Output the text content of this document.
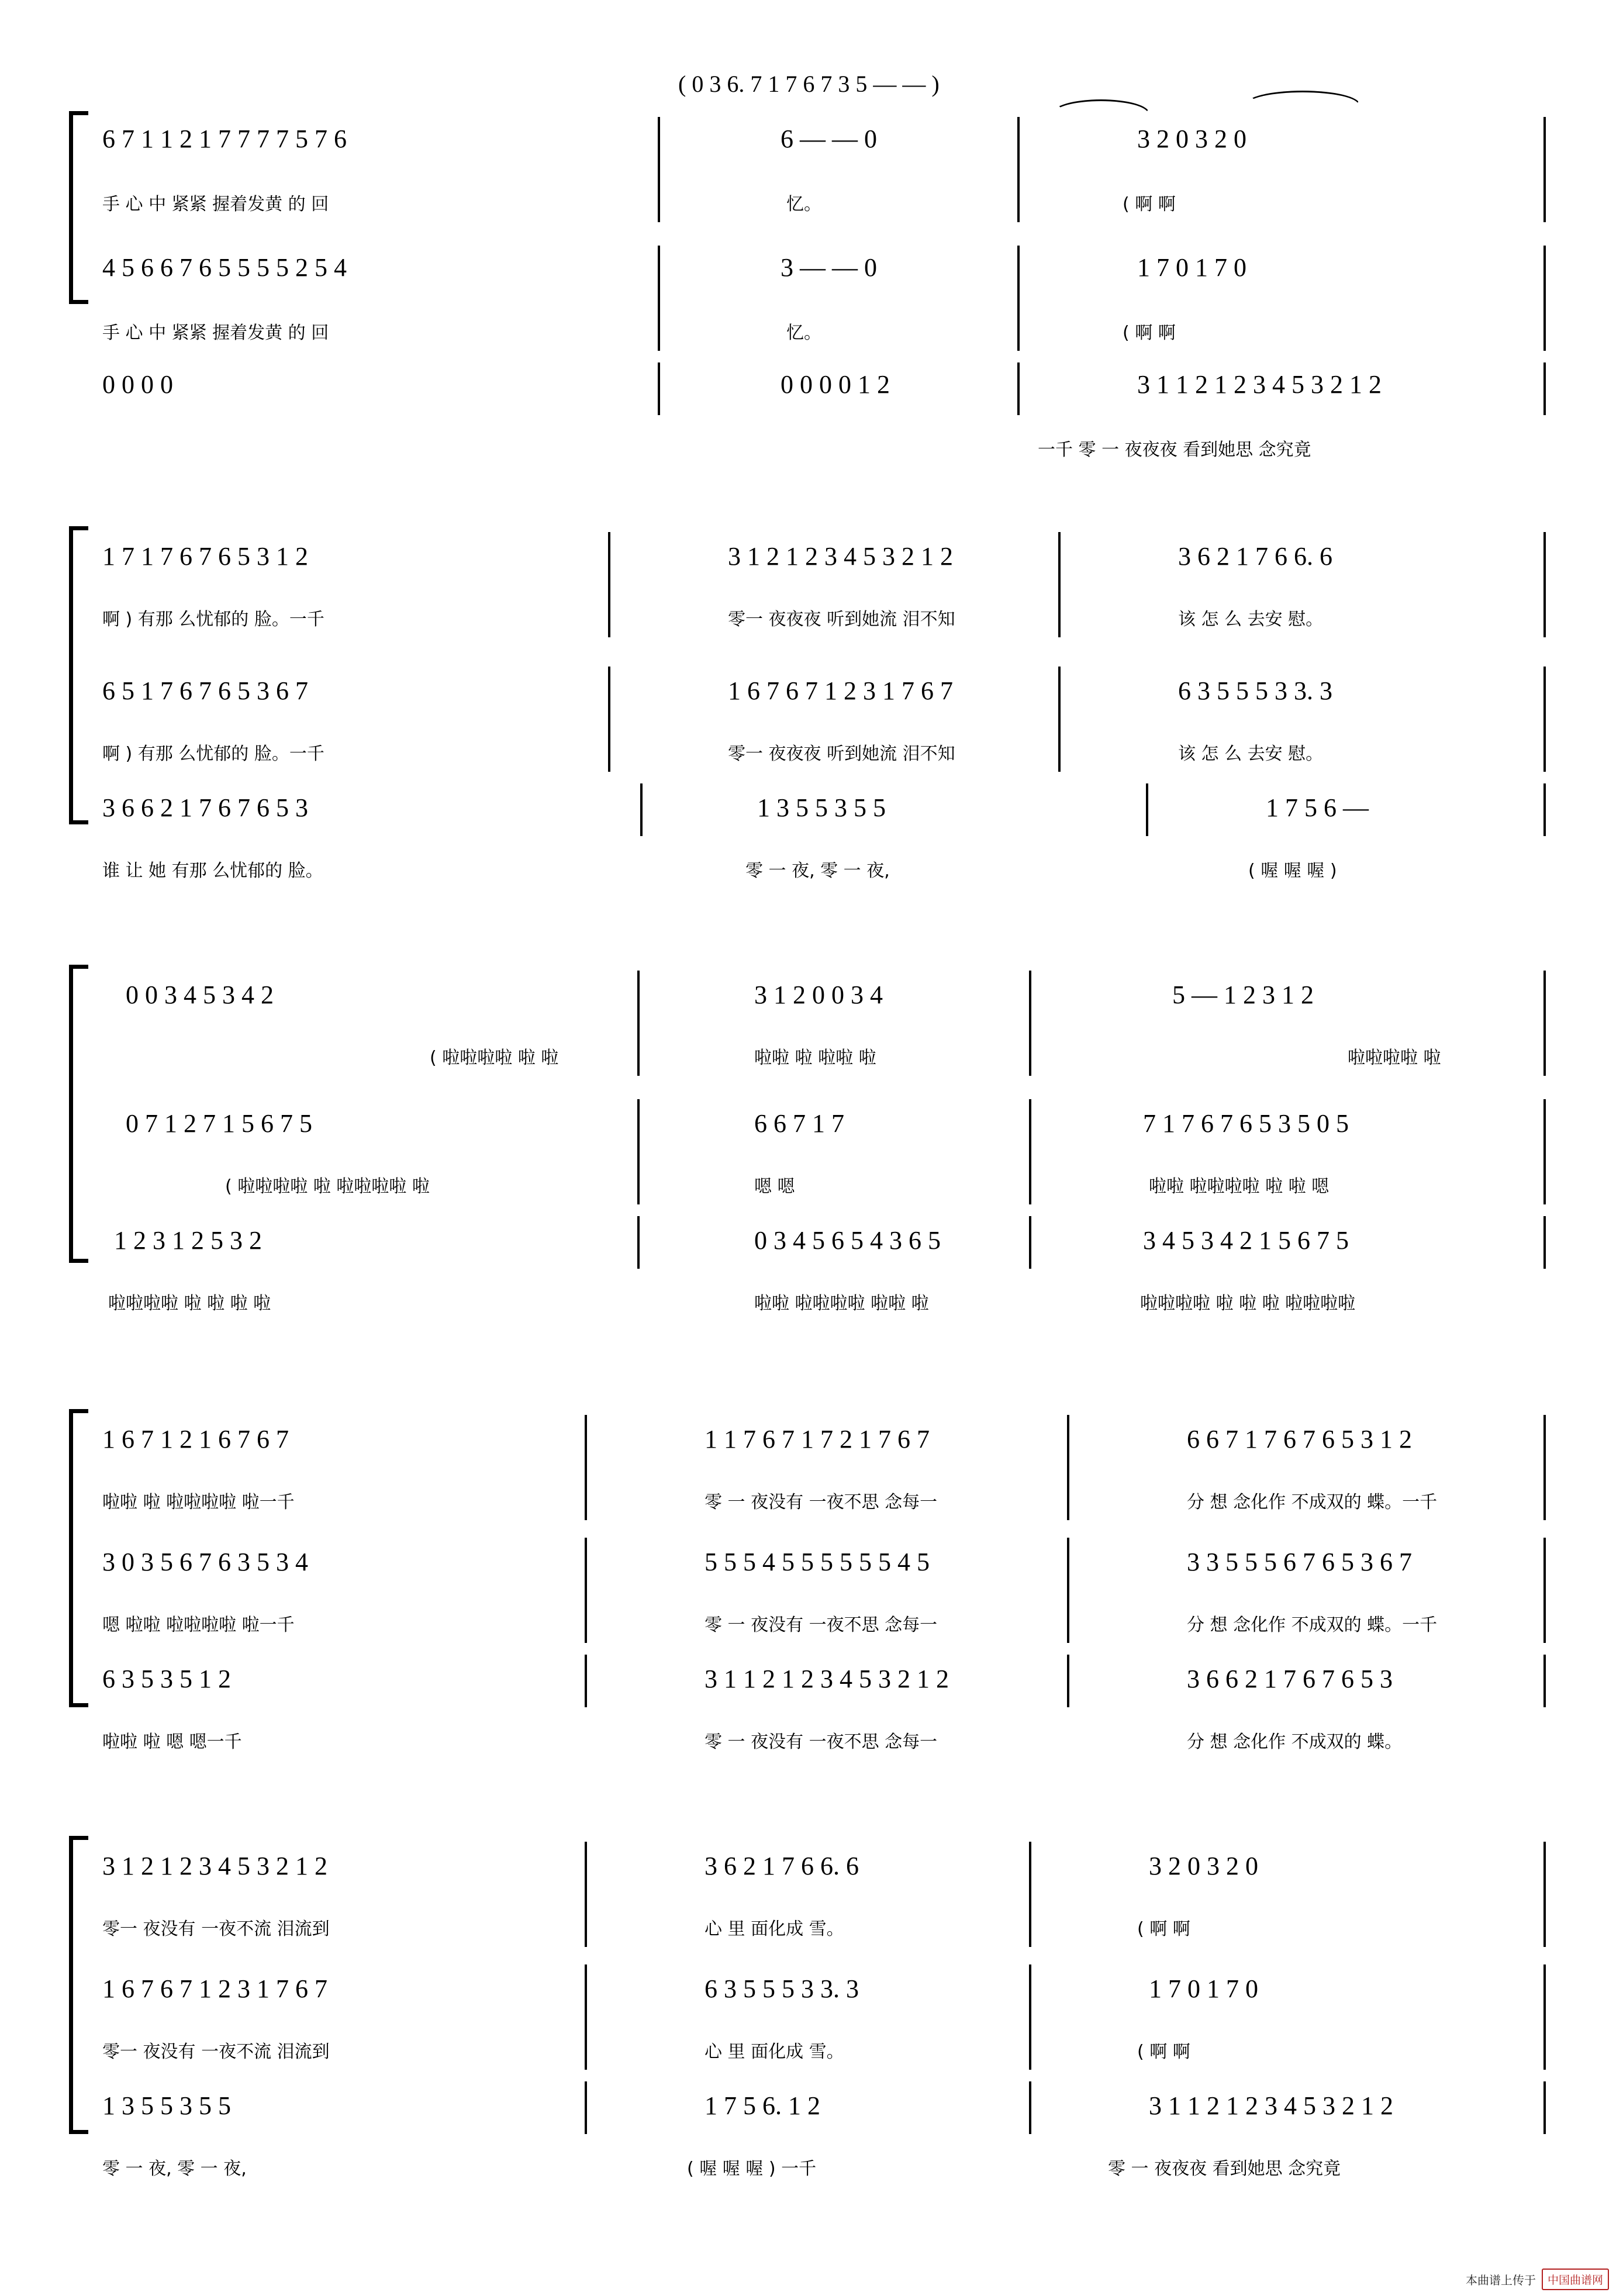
( 0 3 6. 7 1 7 6 7 3 5 — — )
6 7 1 1 2 1 7 7 7 7 5 7 6	6 — — 0	3 2 0 3 2 0
手 心 中 紧紧 握着发黄 的 回	忆。	( 啊 啊
4 5 6 6 7 6 5 5 5 5 2 5 4	3 — — 0	1 7 0 1 7 0
手 心 中 紧紧 握着发黄 的 回	忆。	( 啊 啊
0 0 0 0	0 0 0 0 1 2	3 1 1 2 1 2 3 4 5 3 2 1 2
一千 零 一 夜夜夜 看到她思 念究竟
1 7 1 7 6 7 6 5 3 1 2	3 1 2 1 2 3 4 5 3 2 1 2	3 6 2 1 7 6 6. 6
啊 ) 有那 么忧郁的 脸。一千	零一 夜夜夜 听到她流 泪不知	该 怎 么 去安 慰。
6 5 1 7 6 7 6 5 3 6 7	1 6 7 6 7 1 2 3 1 7 6 7	6 3 5 5 5 3 3. 3
啊 ) 有那 么忧郁的 脸。一千	零一 夜夜夜 听到她流 泪不知	该 怎 么 去安 慰。
3 6 6 2 1 7 6 7 6 5 3	1 3 5 5 3 5 5	1 7 5 6 —
谁 让 她 有那 么忧郁的 脸。	零 一 夜, 零 一 夜,	( 喔 喔 喔 )
0 0 3 4 5 3 4 2	3 1 2 0 0 3 4	5 — 1 2 3 1 2
( 啦啦啦啦 啦 啦	啦啦 啦 啦啦 啦	啦啦啦啦 啦
0 7 1 2 7 1 5 6 7 5	6 6 7 1 7	7 1 7 6 7 6 5 3 5 0 5
( 啦啦啦啦 啦 啦啦啦啦 啦	嗯 嗯	啦啦 啦啦啦啦 啦 啦 嗯
1 2 3 1 2 5 3 2	0 3 4 5 6 5 4 3 6 5	3 4 5 3 4 2 1 5 6 7 5
啦啦啦啦 啦 啦 啦 啦	啦啦 啦啦啦啦 啦啦 啦	啦啦啦啦 啦 啦 啦 啦啦啦啦
1 6 7 1 2 1 6 7 6 7	1 1 7 6 7 1 7 2 1 7 6 7	6 6 7 1 7 6 7 6 5 3 1 2
啦啦 啦 啦啦啦啦 啦一千	零 一 夜没有 一夜不思 念每一	分 想 念化作 不成双的 蝶。一千
3 0 3 5 6 7 6 3 5 3 4	5 5 5 4 5 5 5 5 5 5 4 5	3 3 5 5 5 6 7 6 5 3 6 7
嗯 啦啦 啦啦啦啦 啦一千	零 一 夜没有 一夜不思 念每一	分 想 念化作 不成双的 蝶。一千
6 3 5 3 5 1 2	3 1 1 2 1 2 3 4 5 3 2 1 2	3 6 6 2 1 7 6 7 6 5 3
啦啦 啦 嗯 嗯一千	零 一 夜没有 一夜不思 念每一	分 想 念化作 不成双的 蝶。
3 1 2 1 2 3 4 5 3 2 1 2	3 6 2 1 7 6 6. 6	3 2 0 3 2 0
零一 夜没有 一夜不流 泪流到	心 里 面化成 雪。	( 啊 啊
1 6 7 6 7 1 2 3 1 7 6 7	6 3 5 5 5 3 3. 3	1 7 0 1 7 0
零一 夜没有 一夜不流 泪流到	心 里 面化成 雪。	( 啊 啊
1 3 5 5 3 5 5	1 7 5 6. 1 2	3 1 1 2 1 2 3 4 5 3 2 1 2
零 一 夜, 零 一 夜,	( 喔 喔 喔 ) 一千	零 一 夜夜夜 看到她思 念究竟
本曲谱上传于	中国曲谱网
